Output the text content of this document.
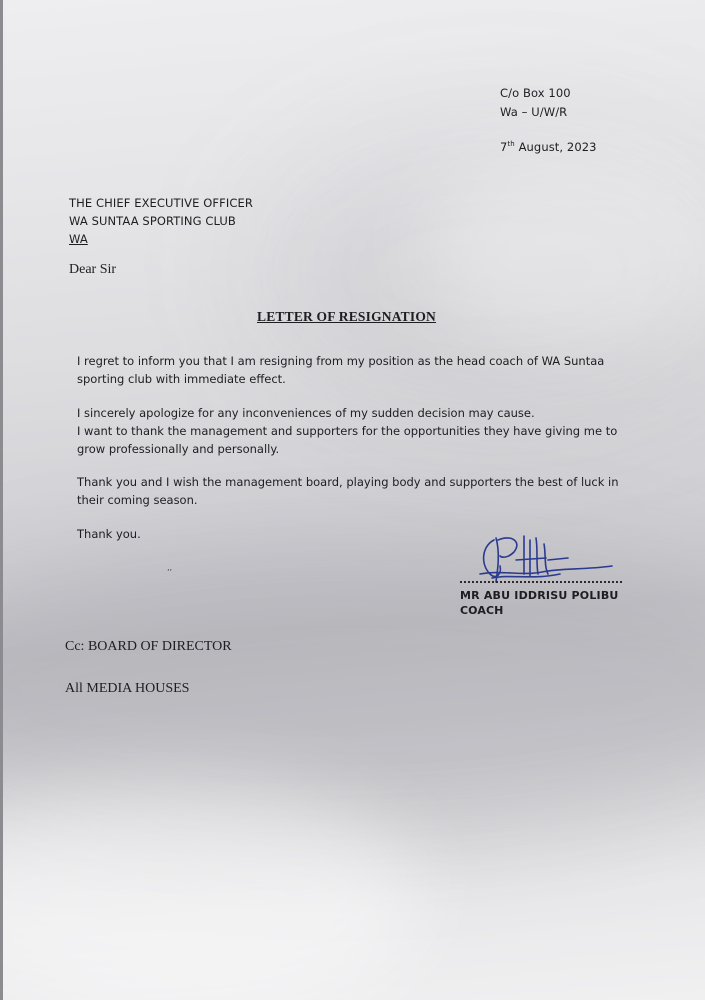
C/o Box 100

Wa – U/W/R

7th August, 2023

THE CHIEF EXECUTIVE OFFICER

WA SUNTAA SPORTING CLUB

WA

Dear Sir

LETTER OF RESIGNATION

I regret to inform you that I am resigning from my position as the head coach of WA Suntaa

sporting club with immediate effect.

I sincerely apologize for any inconveniences of my sudden decision may cause.

I want to thank the management and supporters for the opportunities they have giving me to

grow professionally and personally.

Thank you and I wish the management board, playing body and supporters the best of luck in

their coming season.

Thank you.

‚‚

MR ABU IDDRISU POLIBU

COACH

Cc: BOARD OF DIRECTOR

All MEDIA HOUSES
